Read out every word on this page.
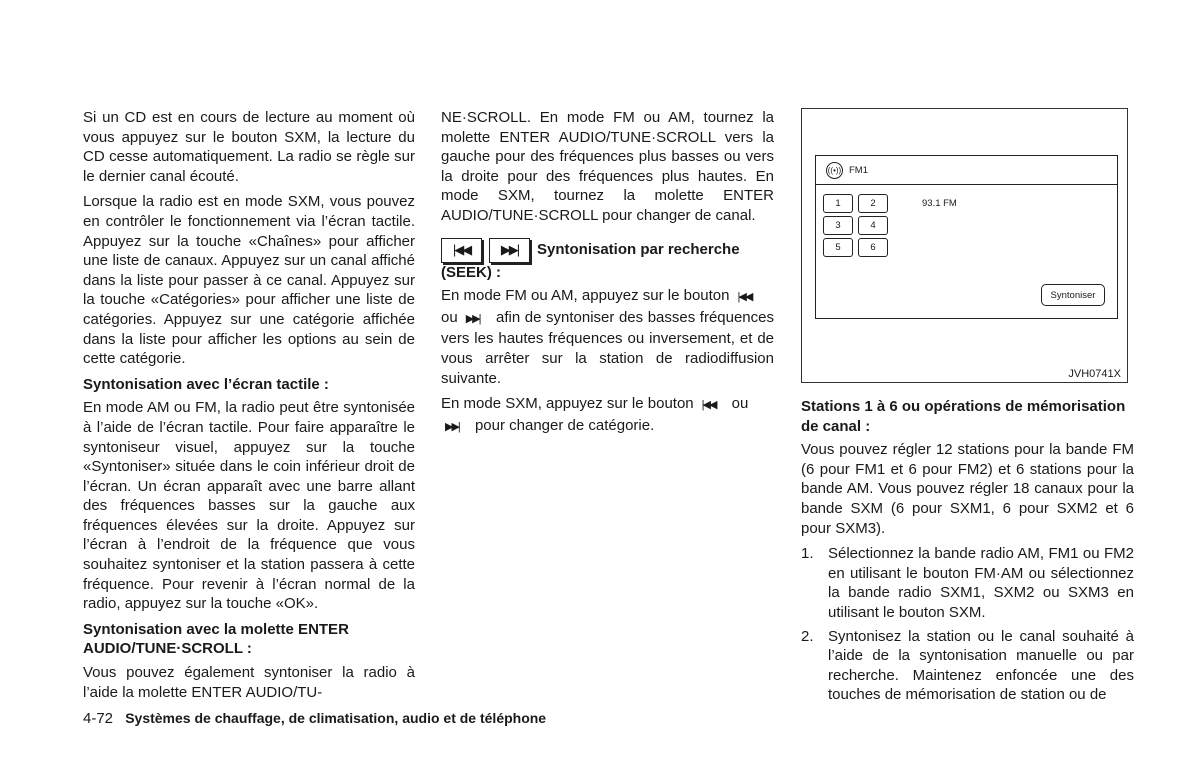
Si un CD est en cours de lecture au moment où vous appuyez sur le bouton SXM, la lecture du CD cesse automatiquement. La radio se règle sur le dernier canal écouté.

Lorsque la radio est en mode SXM, vous pouvez en contrôler le fonctionnement via l’écran tactile. Appuyez sur la touche «Chaînes» pour afficher une liste de canaux. Appuyez sur un canal affiché dans la liste pour passer à ce canal. Appuyez sur la touche «Catégories» pour afficher une liste de catégories. Appuyez sur une catégorie affichée dans la liste pour afficher les options au sein de cette catégorie.

Syntonisation avec l’écran tactile :

En mode AM ou FM, la radio peut être syntonisée à l’aide de l’écran tactile. Pour faire apparaître le syntoniseur visuel, appuyez sur la touche «Syntoniser» située dans le coin inférieur droit de l’écran. Un écran apparaît avec une barre allant des fréquences basses sur la gauche aux fréquences élevées sur la droite. Appuyez sur l’écran à l’endroit de la fréquence que vous souhaitez syntoniser et la station passera à cette fréquence. Pour revenir à l’écran normal de la radio, appuyez sur la touche «OK».

Syntonisation avec la molette ENTER AUDIO/TUNE·SCROLL :

Vous pouvez également syntoniser la radio à l’aide la molette ENTER AUDIO/TU-

NE·SCROLL. En mode FM ou AM, tournez la molette ENTER AUDIO/TUNE·SCROLL vers la gauche pour des fréquences plus basses ou vers la droite pour des fréquences plus hautes. En mode SXM, tournez la molette ENTER AUDIO/TUNE·SCROLL pour changer de canal.

|◀◀	▶▶|	Syntonisation par recherche
(SEEK) :

En mode FM ou AM, appuyez sur le bouton |◀◀
ou ▶▶| afin de syntoniser des basses fréquences vers les hautes fréquences ou inversement, et de vous arrêter sur la station de radiodiffusion suivante.

En mode SXM, appuyez sur le bouton |◀◀ ou
▶▶| pour changer de catégorie.

((•)) FM1
1	2
3	4
5	6
93.1 FM
Syntoniser
JVH0741X
Stations 1 à 6 ou opérations de mémorisation de canal :

Vous pouvez régler 12 stations pour la bande FM (6 pour FM1 et 6 pour FM2) et 6 stations pour la bande AM. Vous pouvez régler 18 canaux pour la bande SXM (6 pour SXM1, 6 pour SXM2 et 6 pour SXM3).

1. Sélectionnez la bande radio AM, FM1 ou FM2 en utilisant le bouton FM·AM ou sélectionnez la bande radio SXM1, SXM2 ou SXM3 en utilisant le bouton SXM.
2. Syntonisez la station ou le canal souhaité à l’aide de la syntonisation manuelle ou par recherche. Maintenez enfoncée une des touches de mémorisation de station ou de
4-72 Systèmes de chauffage, de climatisation, audio et de téléphone
